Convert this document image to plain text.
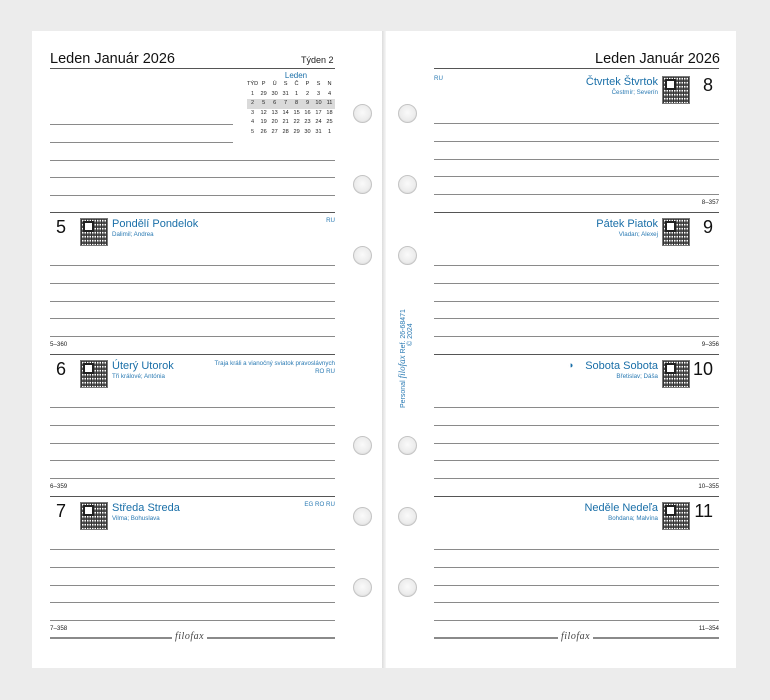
Leden Január 2026	Týden 2
Leden
TÝD	P	Ú	S	Č	P	S	N
1	29	30	31	1	2	3	4
2	5	6	7	8	9	10	11
3	12	13	14	15	16	17	18
4	19	20	21	22	23	24	25
5	26	27	28	29	30	31	1
5	Pondělí Pondelok
Dalimil; Andrea
RU
5–360
6	Úterý Utorok
Tři králové; Antónia
Traja králi a vianočný sviatok pravoslávnych
RO RU
6–359
7	Středa Streda
Vilma; Bohuslava
EG RO RU
7–358
Leden Január 2026
8
Čtvrtek Štvrtok
Čestmír; Severín
RU
8–357
9
Pátek Piatok
Vladan; Alexej
9–356
10
Sobota Sobota
Břetislav; Dáša
◑
10–355
11
Neděle Nedeľa
Bohdana; Malvína
11–354
filofax	filofax
Personal filofax Ref. 26-68471 © 2024
